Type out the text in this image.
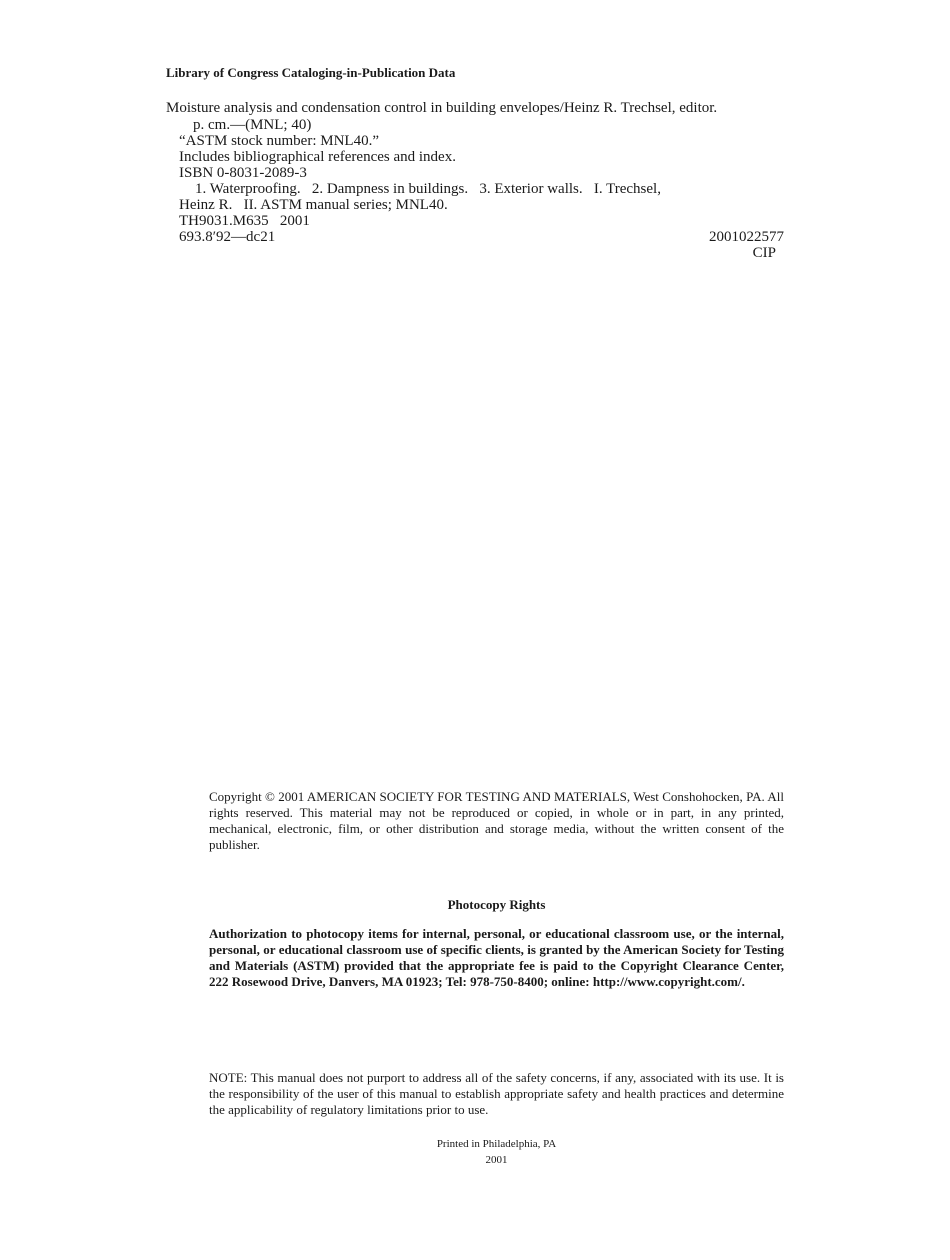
Library of Congress Cataloging-in-Publication Data
Moisture analysis and condensation control in building envelopes/Heinz R. Trechsel, editor.
p. cm.—(MNL; 40)
“ASTM stock number: MNL40.”
Includes bibliographical references and index.
ISBN 0-8031-2089-3
1. Waterproofing.   2. Dampness in buildings.   3. Exterior walls.   I. Trechsel,
Heinz R.   II. ASTM manual series; MNL40.
TH9031.M635   2001
693.8′92—dc21	2001022577
CIP
Copyright © 2001 AMERICAN SOCIETY FOR TESTING AND MATERIALS, West Conshohocken, PA. All rights reserved. This material may not be reproduced or copied, in whole or in part, in any printed, mechanical, electronic, film, or other distribution and storage media, without the written consent of the publisher.
Photocopy Rights
Authorization to photocopy items for internal, personal, or educational classroom use, or the internal, personal, or educational classroom use of specific clients, is granted by the American Society for Testing and Materials (ASTM) provided that the appropriate fee is paid to the Copyright Clearance Center, 222 Rosewood Drive, Danvers, MA 01923; Tel: 978-750-8400; online: http://www.copyright.com/.
NOTE: This manual does not purport to address all of the safety concerns, if any, associated with its use. It is the responsibility of the user of this manual to establish appropriate safety and health practices and determine the applicability of regulatory limitations prior to use.
Printed in Philadelphia, PA
2001
